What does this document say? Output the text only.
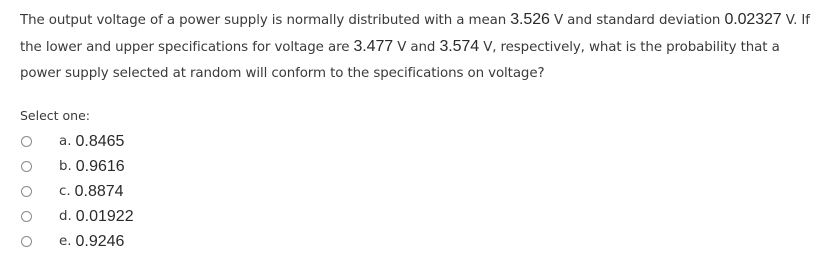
The output voltage of a power supply is normally distributed with a mean 3.526 V and standard deviation 0.02327 V. If the lower and upper specifications for voltage are 3.477 V and 3.574 V, respectively, what is the probability that a power supply selected at random will conform to the specifications on voltage?
Select one:
a. 0.8465
b. 0.9616
c. 0.8874
d. 0.01922
e. 0.9246
